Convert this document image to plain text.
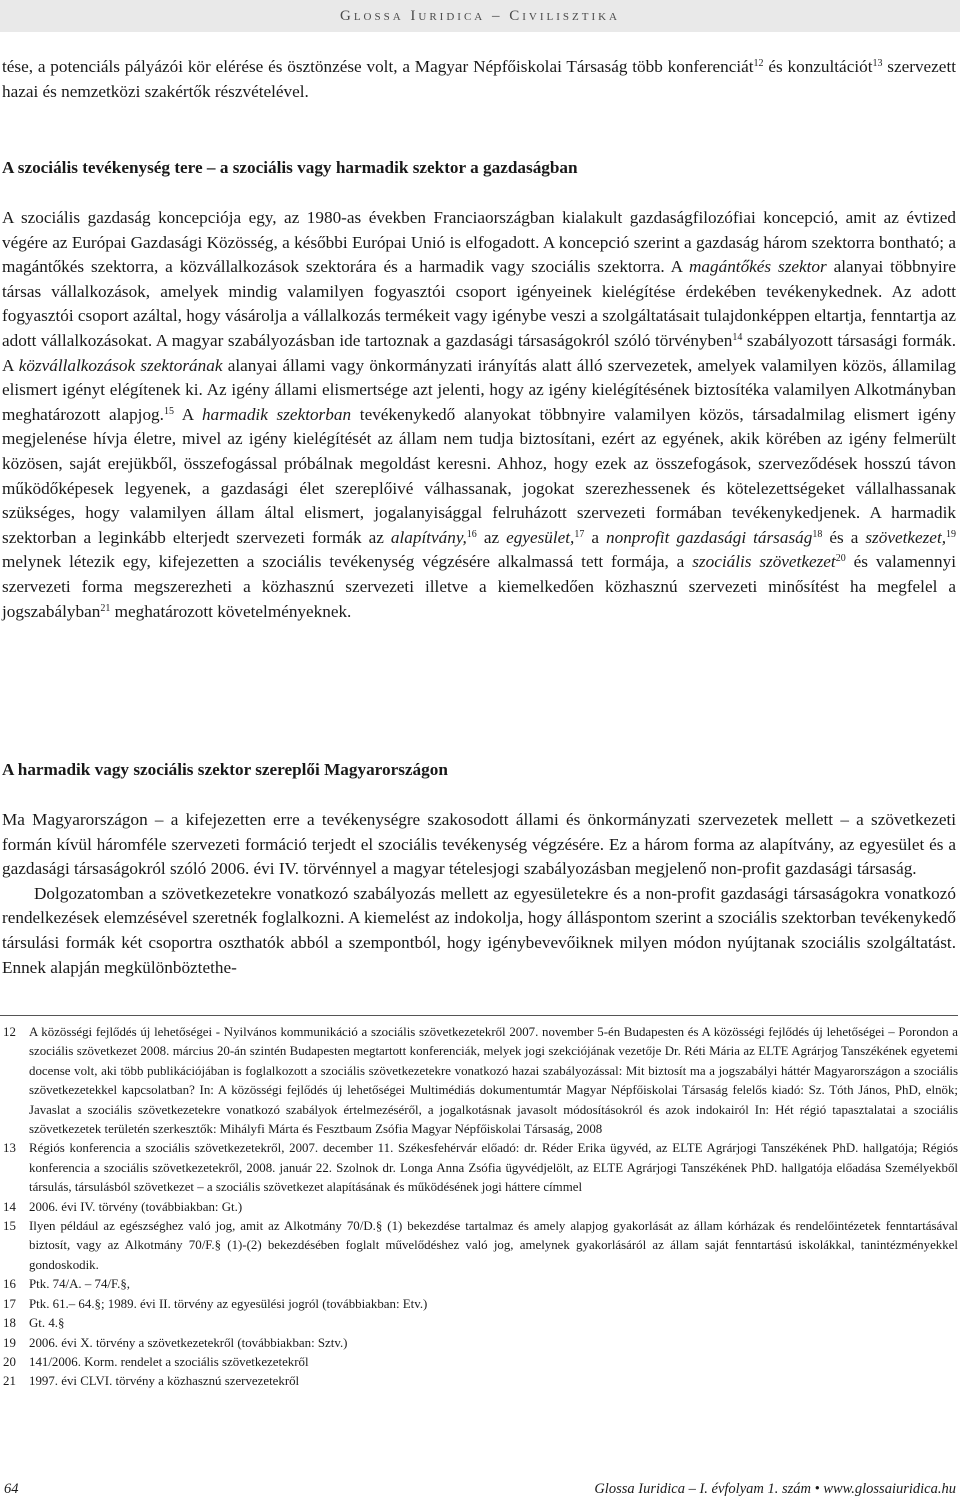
Glossa Iuridica – Civilisztika

tése, a potenciáls pályázói kör elérése és ösztönzése volt, a Magyar Népfőiskolai Társaság több konferenciát$^{12}$ és konzultációt$^{13}$ szervezett hazai és nemzetközi szakértők részvételével.

A szociális tevékenység tere – a szociális vagy harmadik szektor a gazdaságban

A szociális gazdaság koncepciója egy, az 1980-as években Franciaországban kialakult gazdaságfilozófiai koncepció, amit az évtized végére az Európai Gazdasági Közösség, a későbbi Európai Unió is elfogadott. A koncepció szerint a gazdaság három szektorra bontható; a magántőkés szektorra, a közvállalkozások szektorára és a harmadik vagy szociális szektorra. A magántőkés szektor alanyai többnyire társas vállalkozások, amelyek mindig valamilyen fogyasztói csoport igényeinek kielégítése érdekében tevékenykednek. Az adott fogyasztói csoport azáltal, hogy vásárolja a vállalkozás termékeit vagy igénybe veszi a szolgáltatásait tulajdonképpen eltartja, fenntartja az adott vállalkozásokat. A magyar szabályozásban ide tartoznak a gazdasági társaságokról szóló törvényben$^{14}$ szabályozott társasági formák. A közvállalkozások szektorának alanyai állami vagy önkormányzati irányítás alatt álló szervezetek, amelyek valamilyen közös, államilag elismert igényt elégítenek ki. Az igény állami elismertsége azt jelenti, hogy az igény kielégítésének biztosítéka valamilyen Alkotmányban meghatározott alapjog.$^{15}$ A harmadik szektorban tevékenykedő alanyokat többnyire valamilyen közös, társadalmilag elismert igény megjelenése hívja életre, mivel az igény kielégítését az állam nem tudja biztosítani, ezért az egyének, akik körében az igény felmerült közösen, saját erejükből, összefogással próbálnak megoldást keresni. Ahhoz, hogy ezek az összefogások, szerveződések hosszú távon működőképesek legyenek, a gazdasági élet szereplőivé válhassanak, jogokat szerezhessenek és kötelezettségeket vállalhassanak szükséges, hogy valamilyen állam által elismert, jogalanyisággal felruházott szervezeti formában tevékenykedjenek. A harmadik szektorban a leginkább elterjedt szervezeti formák az alapítvány,$^{16}$ az egyesület,$^{17}$ a nonprofit gazdasági társaság$^{18}$ és a szövetkezet,$^{19}$ melynek létezik egy, kifejezetten a szociális tevékenység végzésére alkalmassá tett formája, a szociális szövetkezet$^{20}$ és valamennyi szervezeti forma megszerezheti a közhasznú szervezeti illetve a kiemelkedően közhasznú szervezeti minősítést ha megfelel a jogszabályban$^{21}$ meghatározott követelményeknek.

A harmadik vagy szociális szektor szereplői Magyarországon

Ma Magyarországon – a kifejezetten erre a tevékenységre szakosodott állami és önkormányzati szervezetek mellett – a szövetkezeti formán kívül háromféle szervezeti formáció terjedt el szociális tevékenység végzésére. Ez a három forma az alapítvány, az egyesület és a gazdasági társaságokról szóló 2006. évi IV. törvénnyel a magyar tételesjogi szabályozásban megjelenő non-profit gazdasági társaság.

Dolgozatomban a szövetkezetekre vonatkozó szabályozás mellett az egyesületekre és a non-profit gazdasági társaságokra vonatkozó rendelkezések elemzésével szeretnék foglalkozni. A kiemelést az indokolja, hogy álláspontom szerint a szociális szektorban tevékenykedő társulási formák két csoportra oszthatók abból a szempontból, hogy igénybevevőiknek milyen módon nyújtanak szociális szolgáltatást. Ennek alapján megkülönböztethe-

12	A közösségi fejlődés új lehetőségei - Nyilvános kommunikáció a szociális szövetkezetekről 2007. november 5-én Budapesten és A közösségi fejlődés új lehetőségei – Porondon a szociális szövetkezet 2008. március 20-án szintén Budapesten megtartott konferenciák, melyek jogi szekciójának vezetője Dr. Réti Mária az ELTE Agrárjog Tanszékének egyetemi docense volt, aki több publikációjában is foglalkozott a szociális szövetkezetekre vonatkozó hazai szabályozással: Mit biztosít ma a jogszabályi háttér Magyarországon a szociális szövetkezetekkel kapcsolatban? In: A közösségi fejlődés új lehetőségei Multimédiás dokumentumtár Magyar Népfőiskolai Társaság felelős kiadó: Sz. Tóth János, PhD, elnök; Javaslat a szociális szövetkezetekre vonatkozó szabályok értelmezéséről, a jogalkotásnak javasolt módosításokról és azok indokairól In: Hét régió tapasztalatai a szociális szövetkezetek területén szerkesztők: Mihályfi Márta és Fesztbaum Zsófia Magyar Népfőiskolai Társaság, 2008
13	Régiós konferencia a szociális szövetkezetekről, 2007. december 11. Székesfehérvár előadó: dr. Réder Erika ügyvéd, az ELTE Agrárjogi Tanszékének PhD. hallgatója; Régiós konferencia a szociális szövetkezetekről, 2008. január 22. Szolnok dr. Longa Anna Zsófia ügyvédjelölt, az ELTE Agrárjogi Tanszékének PhD. hallgatója előadása Személyekből társulás, társulásból szövetkezet – a szociális szövetkezet alapításának és működésének jogi háttere címmel
14	2006. évi IV. törvény (továbbiakban: Gt.)
15	Ilyen például az egészséghez való jog, amit az Alkotmány 70/D.§ (1) bekezdése tartalmaz és amely alapjog gyakorlását az állam kórházak és rendelőintézetek fenntartásával biztosít, vagy az Alkotmány 70/F.§ (1)-(2) bekezdésében foglalt művelődéshez való jog, amelynek gyakorlásáról az állam saját fenntartású iskolákkal, tanintézményekkel gondoskodik.
16	Ptk. 74/A. – 74/F.§,
17	Ptk. 61.– 64.§; 1989. évi II. törvény az egyesülési jogról (továbbiakban: Etv.)
18	Gt. 4.§
19	2006. évi X. törvény a szövetkezetekről (továbbiakban: Sztv.)
20	141/2006. Korm. rendelet a szociális szövetkezetekről
21	1997. évi CLVI. törvény a közhasznú szervezetekről
64	Glossa Iuridica – I. évfolyam 1. szám • www.glossaiuridica.hu
